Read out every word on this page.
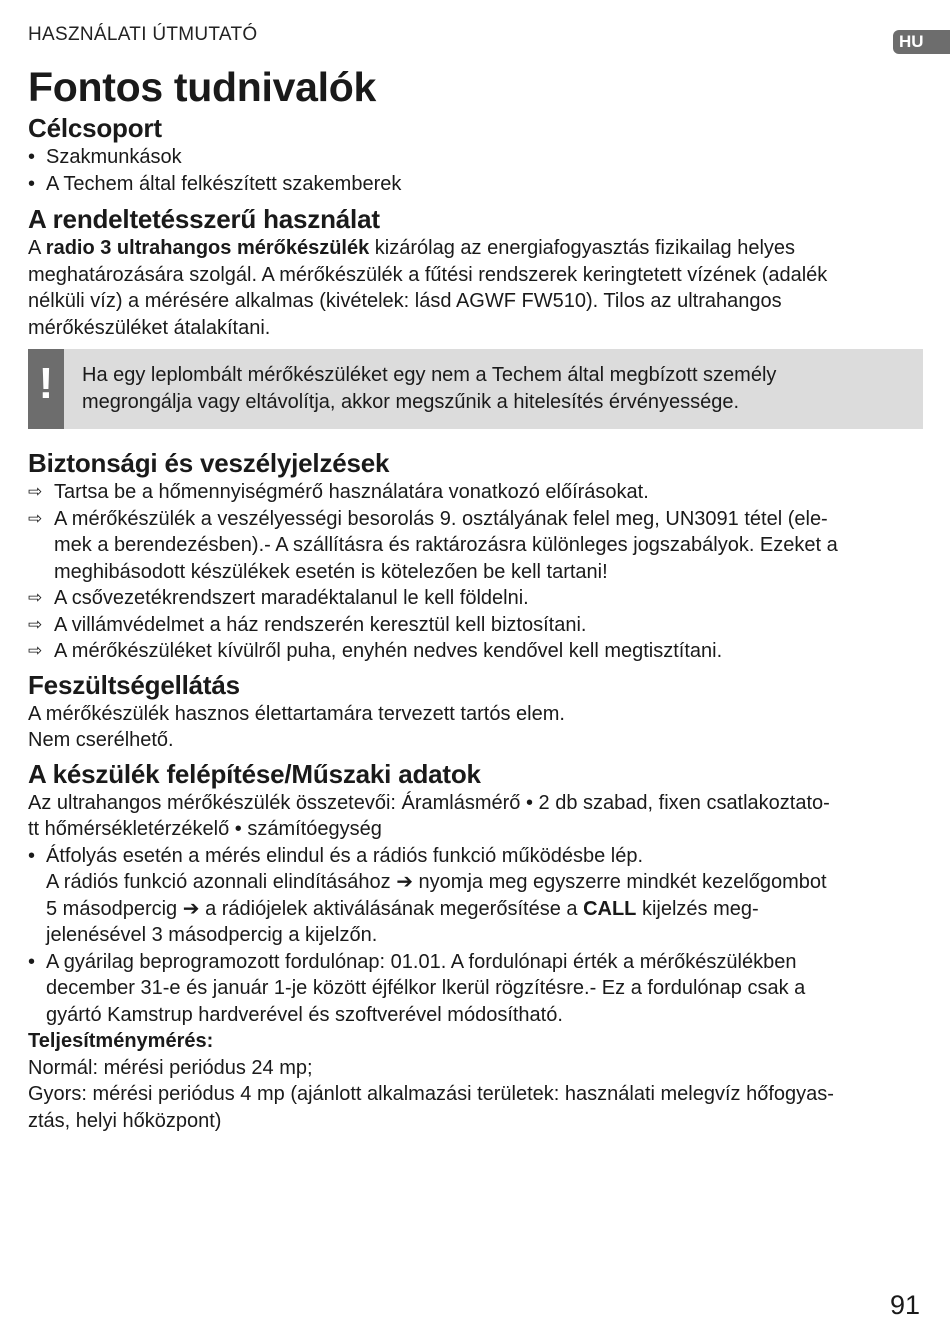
HASZNÁLATI ÚTMUTATÓ	HU
Fontos tudnivalók
Célcsoport
• Szakmunkások
• A Techem által felkészített szakemberek
A rendeltetésszerű használat

A radio 3 ultrahangos mérőkészülék kizárólag az energiafogyasztás fizikailag helyes
meghatározására szolgál. A mérőkészülék a fűtési rendszerek keringtetett vízének (adalék
nélküli víz) a mérésére alkalmas (kivételek: lásd AGWF FW510). Tilos az ultrahangos
mérőkészüléket átalakítani.

!	Ha egy leplombált mérőkészüléket egy nem a Techem által megbízott személy
megrongálja vagy eltávolítja, akkor megszűnik a hitelesítés érvényessége.
Biztonsági és veszélyjelzések
⇨ Tartsa be a hőmennyiségmérő használatára vonatkozó előírásokat.
⇨ A mérőkészülék a veszélyességi besorolás 9. osztályának felel meg, UN3091 tétel (ele-
mek a berendezésben).- A szállításra és raktározásra különleges jogszabályok. Ezeket a
meghibásodott készülékek esetén is kötelezően be kell tartani!
⇨ A csővezetékrendszert maradéktalanul le kell földelni.
⇨ A villámvédelmet a ház rendszerén keresztül kell biztosítani.
⇨ A mérőkészüléket kívülről puha, enyhén nedves kendővel kell megtisztítani.
Feszültségellátás

A mérőkészülék hasznos élettartamára tervezett tartós elem.
Nem cserélhető.

A készülék felépítése/Műszaki adatok

Az ultrahangos mérőkészülék összetevői: Áramlásmérő • 2 db szabad, fixen csatlakoztato-
tt hőmérsékletérzékelő • számítóegység

• Átfolyás esetén a mérés elindul és a rádiós funkció működésbe lép.
A rádiós funkció azonnali elindításához ➔ nyomja meg egyszerre mindkét kezelőgombot
5 másodpercig ➔ a rádiójelek aktiválásának megerősítése a CALL kijelzés meg-
jelenésével 3 másodpercig a kijelzőn.
• A gyárilag beprogramozott fordulónap: 01.01. A fordulónapi érték a mérőkészülékben
december 31-e és január 1-je között éjfélkor lkerül rögzítésre.- Ez a fordulónap csak a
gyártó Kamstrup hardverével és szoftverével módosítható.

Teljesítménymérés:
Normál: mérési periódus 24 mp;
Gyors: mérési periódus 4 mp (ajánlott alkalmazási területek: használati melegvíz hőfogyas-
ztás, helyi hőközpont)

91
